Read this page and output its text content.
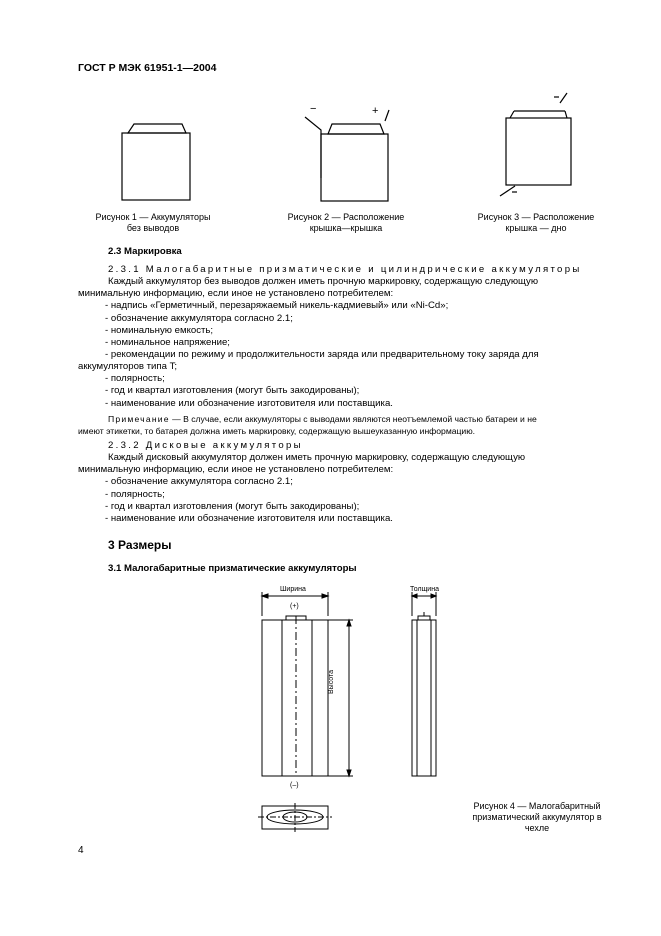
ГОСТ Р МЭК 61951-1—2004
−	+
Рисунок 1 — Аккумуляторы
без выводов
Рисунок 2 — Расположение
крышка—крышка
Рисунок 3 — Расположение
крышка — дно
2.3 Маркировка
2.3.1 Малогабаритные призматические и цилиндрические аккумуляторы
Каждый аккумулятор без выводов должен иметь прочную маркировку, содержащую следующую
минимальную информацию, если иное не установлено потребителем:
- надпись «Герметичный, перезаряжаемый никель-кадмиевый» или «Ni-Cd»;
- обозначение аккумулятора согласно 2.1;
- номинальную емкость;
- номинальное напряжение;
- рекомендации по режиму и продолжительности заряда или предварительному току заряда для
аккумуляторов типа T;
- полярность;
- год и квартал изготовления (могут быть закодированы);
- наименование или обозначение изготовителя или поставщика.
Примечание — В случае, если аккумуляторы с выводами являются неотъемлемой частью батареи и не
имеют этикетки, то батарея должна иметь маркировку, содержащую вышеуказанную информацию.
2.3.2 Дисковые аккумуляторы
Каждый дисковый аккумулятор должен иметь прочную маркировку, содержащую следующую
минимальную информацию, если иное не установлено потребителем:
- обозначение аккумулятора согласно 2.1;
- полярность;
- год и квартал изготовления (могут быть закодированы);
- наименование или обозначение изготовителя или поставщика.
3 Размеры
3.1 Малогабаритные призматические аккумуляторы
Ширина	Толщина
(+)
(–)
Высота
Рисунок 4 — Малогабаритный
призматический аккумулятор в
чехле
4
